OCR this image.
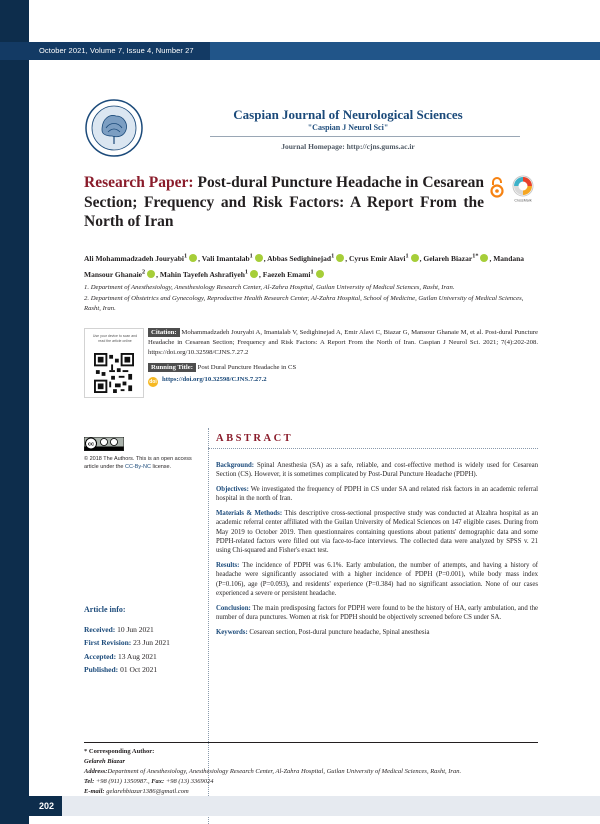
October 2021, Volume 7, Issue 4, Number 27
Caspian Journal of Neurological Sciences
"Caspian J Neurol Sci"
Journal Homepage: http://cjns.gums.ac.ir
Research Paper: Post-dural Puncture Headache in Cesarean Section; Frequency and Risk Factors: A Report From the North of Iran
CrossMark
Ali Mohammadzadeh Jouryabi$^1$ , Vali Imantalab$^1$ , Abbas Sedighinejad$^1$ , Cyrus Emir Alavi$^1$ , Gelareh Biazar$^{1*}$ , Mandana Mansour Ghanaie$^2$ , Mahin Tayefeh Ashrafiyeh$^1$ , Faezeh Emami$^1$
1. Department of Anesthesiology, Anesthesiology Research Center, Al-Zahra Hospital, Guilan University of Medical Sciences, Rasht, Iran.
2. Department of Obstetrics and Gynecology, Reproductive Health Research Center, Al-Zahra Hospital, School of Medicine, Guilan University of Medical Sciences, Rasht, Iran.
Use your device to scan and read the article online
Citation: Mohammadzadeh Jouryabi A, Imantalab V, Sedighinejad A, Emir Alavi C, Biazar G, Mansour Ghanaie M, et al. Post-dural Puncture Headache in Cesarean Section; Frequency and Risk Factors: A Report From the North of Iran. Caspian J Neurol Sci. 2021; 7(4):202-208. https://doi.org/10.32598/CJNS.7.27.2
Running Title: Post Dural Puncture Headache in CS
doi https://doi.org/10.32598/CJNS.7.27.2
cc
© 2018 The Authors. This is an open access article under the CC-By-NC license.
Article info:
Received: 10 Jun 2021
First Revision: 23 Jun 2021
Accepted: 13 Aug 2021
Published: 01 Oct 2021
ABSTRACT

Background: Spinal Anesthesia (SA) as a safe, reliable, and cost-effective method is widely used for Cesarean Section (CS). However, it is sometimes complicated by Post-Dural Puncture Headache (PDPH).

Objectives: We investigated the frequency of PDPH in CS under SA and related risk factors in an academic referral hospital in the north of Iran.

Materials & Methods: This descriptive cross-sectional prospective study was conducted at Alzahra hospital as an academic referral center affiliated with the Guilan University of Medical Sciences on 147 eligible cases. During from May 2019 to October 2019. Then questionnaires containing questions about patients' demographic data and some PDPH-related factors were filled out via face-to-face interviews. The collected data were analyzed by SPSS v. 21 using Chi-squared and Fisher's exact test.

Results: The incidence of PDPH was 6.1%. Early ambulation, the number of attempts, and having a history of headache were significantly associated with a higher incidence of PDPH (P=0.001), while body mass index (P=0.106), age (P=0.093), and residents' experience (P=0.384) had no significant association. None of our cases experienced a severe or persistent headache.

Conclusion: The main predisposing factors for PDPH were found to be the history of HA, early ambulation, and the number of dura punctures. Women at risk for PDPH should be objectively screened before CS under SA.

Keywords: Cesarean section, Post-dural puncture headache, Spinal anesthesia

* Corresponding Author:
Gelareh Biazar
Address:Department of Anesthesiology, Anesthesiology Research Center, Al-Zahra Hospital, Guilan University of Medical Sciences, Rasht, Iran.
Tel: +98 (911) 1350987., Fax: +98 (13) 3369024
E-mail: gelarehbiazar1386@gmail.com
202
